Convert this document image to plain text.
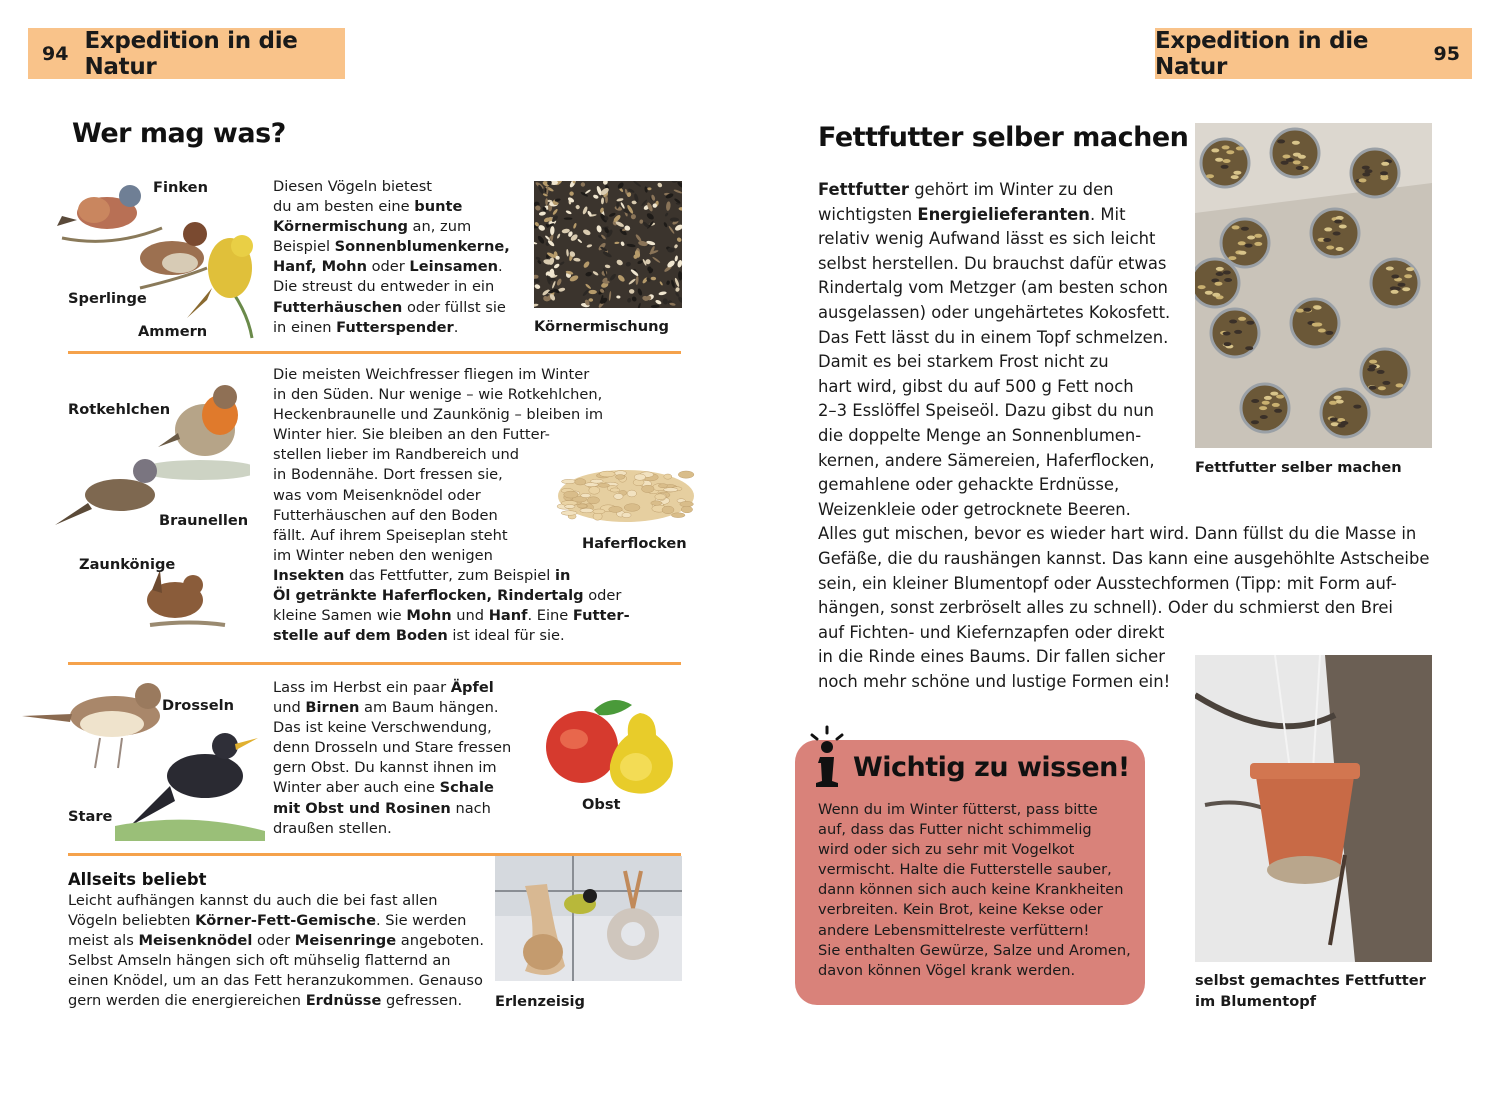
94 Expedition in die Natur
Wer mag was?
Finken
Sperlinge
Ammern
Diesen Vögeln bietest
du am besten eine bunte
Körnermischung an, zum
Beispiel Sonnenblumenkerne,
Hanf, Mohn oder Leinsamen.
Die streust du entweder in ein
Futterhäuschen oder füllst sie
in einen Futterspender.	Körnermischung
Rotkehlchen
Braunellen
Zaunkönige
Die meisten Weichfresser fliegen im Winter
in den Süden. Nur wenige – wie Rotkehlchen,
Heckenbraunelle und Zaunkönig – bleiben im
Winter hier. Sie bleiben an den Futter-
stellen lieber im Randbereich und
in Bodennähe. Dort fressen sie,
was vom Meisenknödel oder
Futterhäuschen auf den Boden
fällt. Auf ihrem Speiseplan steht
im Winter neben den wenigen
Insekten das Fettfutter, zum Beispiel in
Öl getränkte Haferflocken, Rindertalg oder
kleine Samen wie Mohn und Hanf. Eine Futter-
stelle auf dem Boden ist ideal für sie.
Haferflocken
Drosseln
Stare
Lass im Herbst ein paar Äpfel
und Birnen am Baum hängen.
Das ist keine Verschwendung,
denn Drosseln und Stare fressen
gern Obst. Du kannst ihnen im
Winter aber auch eine Schale
mit Obst und Rosinen nach
draußen stellen.
Obst
Allseits beliebt
Leicht aufhängen kannst du auch die bei fast allen
Vögeln beliebten Körner-Fett-Gemische. Sie werden
meist als Meisenknödel oder Meisenringe angeboten.
Selbst Amseln hängen sich oft mühselig flatternd an
einen Knödel, um an das Fett heranzukommen. Genauso
gern werden die energiereichen Erdnüsse gefressen.	Erlenzeisig
Expedition in die Natur	95
Fettfutter selber machen
Fettfutter gehört im Winter zu den
wichtigsten Energielieferanten. Mit
relativ wenig Aufwand lässt es sich leicht
selbst herstellen. Du brauchst dafür etwas
Rindertalg vom Metzger (am besten schon
ausgelassen) oder ungehärtetes Kokosfett.
Das Fett lässt du in einem Topf schmelzen.
Damit es bei starkem Frost nicht zu
hart wird, gibst du auf 500 g Fett noch
2–3 Esslöffel Speiseöl. Dazu gibst du nun
die doppelte Menge an Sonnenblumen-
kernen, andere Sämereien, Haferflocken,
gemahlene oder gehackte Erdnüsse,
Weizenkleie oder getrocknete Beeren.
Alles gut mischen, bevor es wieder hart wird. Dann füllst du die Masse in
Gefäße, die du raushängen kannst. Das kann eine ausgehöhlte Astscheibe
sein, ein kleiner Blumentopf oder Ausstechformen (Tipp: mit Form auf-
hängen, sonst zerbröselt alles zu schnell). Oder du schmierst den Brei
auf Fichten- und Kiefernzapfen oder direkt
in die Rinde eines Baums. Dir fallen sicher
noch mehr schöne und lustige Formen ein!
Fettfutter selber machen
selbst gemachtes Fettfutter
im Blumentopf
Wichtig zu wissen!
Wenn du im Winter fütterst, pass bitte
auf, dass das Futter nicht schimmelig
wird oder sich zu sehr mit Vogelkot
vermischt. Halte die Futterstelle sauber,
dann können sich auch keine Krankheiten
verbreiten. Kein Brot, keine Kekse oder
andere Lebensmittelreste verfüttern!
Sie enthalten Gewürze, Salze und Aromen,
davon können Vögel krank werden.
